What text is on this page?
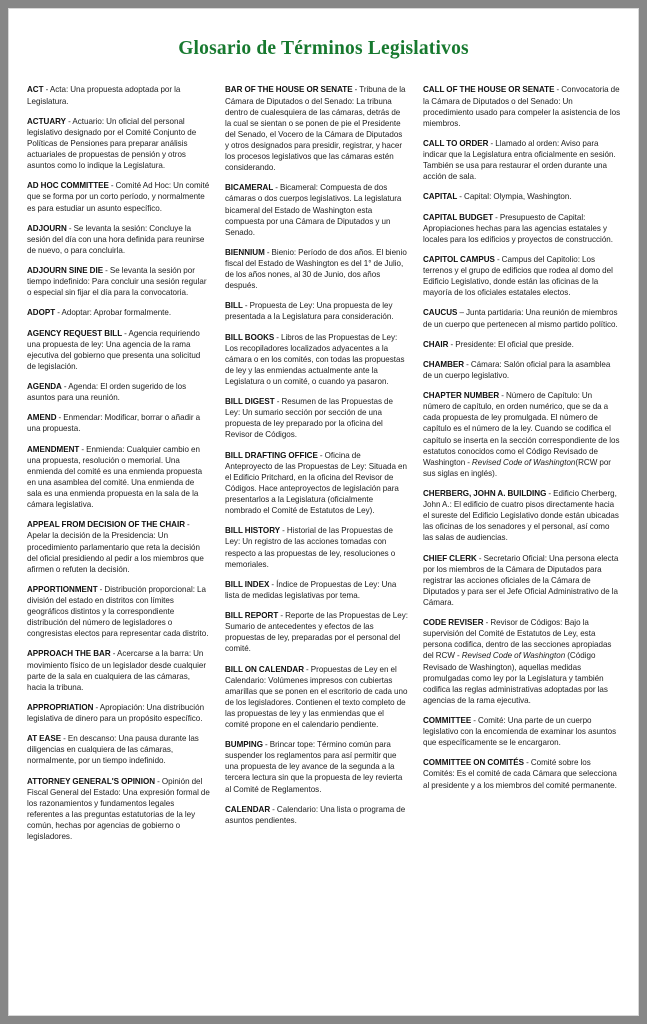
Glosario de Términos Legislativos

ACT - Acta: Una propuesta adoptada por la Legislatura.

ACTUARY - Actuario: Un oficial del personal legislativo designado por el Comité Conjunto de Políticas de Pensiones para preparar análisis actuariales de propuestas de pensión y otros asuntos como lo indique la Legislatura.

AD HOC COMMITTEE - Comité Ad Hoc: Un comité que se forma por un corto período, y normalmente es para estudiar un asunto específico.

ADJOURN - Se levanta la sesión: Concluye la sesión del día con una hora definida para reunirse de nuevo, o para concluirla.

ADJOURN SINE DIE - Se levanta la sesión por tiempo indefinido: Para concluir una sesión regular o especial sin fijar el día para la convocatoria.

ADOPT - Adoptar: Aprobar formalmente.

AGENCY REQUEST BILL - Agencia requiriendo una propuesta de ley: Una agencia de la rama ejecutiva del gobierno que presenta una solicitud de legislación.

AGENDA - Agenda: El orden sugerido de los asuntos para una reunión.

AMEND - Enmendar: Modificar, borrar o añadir a una propuesta.

AMENDMENT - Enmienda: Cualquier cambio en una propuesta, resolución o memorial. Una enmienda del comité es una enmienda propuesta en una asamblea del comité. Una enmienda de sala es una enmienda propuesta en la sala de la cámara legislativa.

APPEAL FROM DECISION OF THE CHAIR - Apelar la decisión de la Presidencia: Un procedimiento parlamentario que reta la decisión del oficial presidiendo al pedir a los miembros que afirmen o refuten la decisión.

APPORTIONMENT - Distribución proporcional: La división del estado en distritos con límites geográficos distintos y la correspondiente distribución del número de legisladores o congresistas electos para representar cada distrito.

APPROACH THE BAR - Acercarse a la barra: Un movimiento físico de un legislador desde cualquier parte de la sala en cualquiera de las cámaras, hacia la tribuna.

APPROPRIATION - Apropiación: Una distribución legislativa de dinero para un propósito específico.

AT EASE - En descanso: Una pausa durante las diligencias en cualquiera de las cámaras, normalmente, por un tiempo indefinido.

ATTORNEY GENERAL'S OPINION - Opinión del Fiscal General del Estado: Una expresión formal de los razonamientos y fundamentos legales referentes a las preguntas estatutorias de la ley común, hechas por agencias de gobierno o legisladores.

BAR OF THE HOUSE OR SENATE - Tribuna de la Cámara de Diputados o del Senado: La tribuna dentro de cualesquiera de las cámaras, detrás de la cual se sientan o se ponen de pie el Presidente del Senado, el Vocero de la Cámara de Diputados y otros designados para presidir, registrar, y hacer los procesos legislativos que las cámaras estén considerando.

BICAMERAL - Bicameral: Compuesta de dos cámaras o dos cuerpos legislativos. La legislatura bicameral del Estado de Washington esta compuesta por una Cámara de Diputados y un Senado.

BIENNIUM - Bienio: Período de dos años. El bienio fiscal del Estado de Washington es del 1° de Julio, de los años nones, al 30 de Junio, dos años después.

BILL - Propuesta de Ley: Una propuesta de ley presentada a la Legislatura para consideración.

BILL BOOKS - Libros de las Propuestas de Ley: Los recopiladores localizados adyacentes a la cámara o en los comités, con todas las propuestas de ley y las enmiendas actualmente ante la Legislatura o un comité, o cuando ya pasaron.

BILL DIGEST - Resumen de las Propuestas de Ley: Un sumario sección por sección de una propuesta de ley preparado por la oficina del Revisor de Códigos.

BILL DRAFTING OFFICE - Oficina de Anteproyecto de las Propuestas de Ley: Situada en el Edificio Pritchard, en la oficina del Revisor de Códigos. Hace anteproyectos de legislación para presentarlos a la Legislatura (oficialmente nombrado el Comité de Estatutos de Ley).

BILL HISTORY - Historial de las Propuestas de Ley: Un registro de las acciones tomadas con respecto a las propuestas de ley, resoluciones o memoriales.

BILL INDEX - Índice de Propuestas de Ley: Una lista de medidas legislativas por tema.

BILL REPORT - Reporte de las Propuestas de Ley: Sumario de antecedentes y efectos de las propuestas de ley, preparadas por el personal del comité.

BILL ON CALENDAR - Propuestas de Ley en el Calendario: Volúmenes impresos con cubiertas amarillas que se ponen en el escritorio de cada uno de los legisladores. Contienen el texto completo de las propuestas de ley y las enmiendas que el comité propone en el calendario pendiente.

BUMPING - Brincar tope: Término común para suspender los reglamentos para así permitir que una propuesta de ley avance de la segunda a la tercera lectura sin que la propuesta de ley revierta al Comité de Reglamentos.

CALENDAR - Calendario: Una lista o programa de asuntos pendientes.

CALL OF THE HOUSE OR SENATE - Convocatoria de la Cámara de Diputados o del Senado: Un procedimiento usado para compeler la asistencia de los miembros.

CALL TO ORDER - Llamado al orden: Aviso para indicar que la Legislatura entra oficialmente en sesión. También se usa para restaurar el orden durante una acción de sala.

CAPITAL - Capital: Olympia, Washington.

CAPITAL BUDGET - Presupuesto de Capital: Apropiaciones hechas para las agencias estatales y locales para los edificios y proyectos de construcción.

CAPITOL CAMPUS - Campus del Capitolio: Los terrenos y el grupo de edificios que rodea al domo del Edificio Legislativo, donde están las oficinas de la mayoría de los oficiales estatales electos.

CAUCUS – Junta partidaria: Una reunión de miembros de un cuerpo que pertenecen al mismo partido político.

CHAIR - Presidente: El oficial que preside.

CHAMBER - Cámara: Salón oficial para la asamblea de un cuerpo legislativo.

CHAPTER NUMBER - Número de Capítulo: Un número de capítulo, en orden numérico, que se da a cada propuesta de ley promulgada. El número de capítulo es el número de la ley. Cuando se codifica el capítulo se inserta en la sección correspondiente de los estatutos conocidos como el Código Revisado de Washington - Revised Code of Washington(RCW por sus siglas en inglés).

CHERBERG, JOHN A. BUILDING - Edificio Cherberg, John A.: El edificio de cuatro pisos directamente hacia el sureste del Edificio Legislativo donde están ubicadas las oficinas de los senadores y el personal, así como las salas de audiencias.

CHIEF CLERK - Secretario Oficial: Una persona electa por los miembros de la Cámara de Diputados para registrar las acciones oficiales de la Cámara de Diputados y para ser el Jefe Oficial Administrativo de la Cámara.

CODE REVISER - Revisor de Códigos: Bajo la supervisión del Comité de Estatutos de Ley, esta persona codifica, dentro de las secciones apropiadas del RCW - Revised Code of Washington (Código Revisado de Washington), aquellas medidas promulgadas como ley por la Legislatura y también codifica las reglas administrativas adoptadas por las agencias de la rama ejecutiva.

COMMITTEE - Comité: Una parte de un cuerpo legislativo con la encomienda de examinar los asuntos que específicamente se le encargaron.

COMMITTEE ON COMITÉS - Comité sobre los Comités: Es el comité de cada Cámara que selecciona al presidente y a los miembros del comité permanente.
